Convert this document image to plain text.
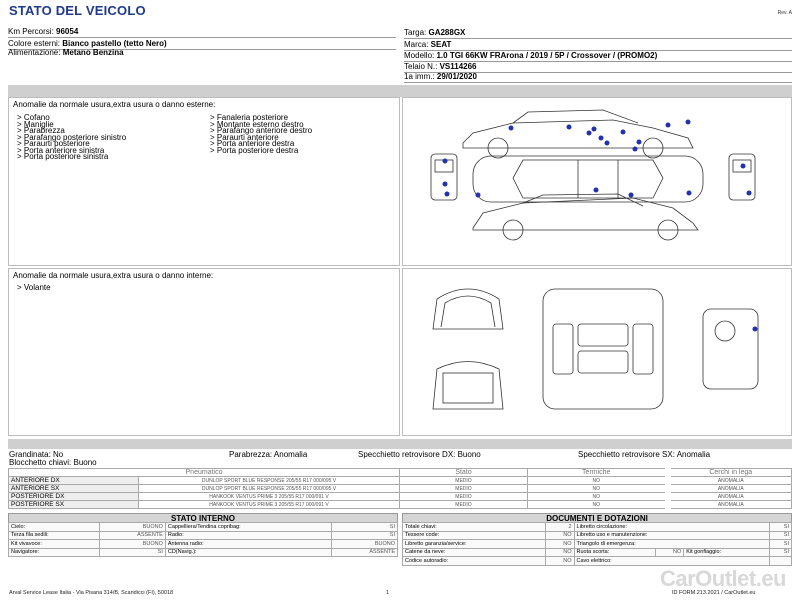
STATO DEL VEICOLO	Rev. A
Km Percorsi: 96054
Colore esterni: Bianco pastello (tetto Nero)
Alimentazione: Metano Benzina
Targa: GA288GX
Marca: SEAT
Modello: 1.0 TGI 66KW FRArona / 2019 / 5P / Crossover / (PROMO2)
Telaio N.: VS114266
1a imm.: 29/01/2020
Anomalie da normale usura,extra usura o danno esterne:
> Cofano
> Maniglie
> Parabrezza
> Parafango posteriore sinistro
> Paraurti posteriore
> Porta anteriore sinistra
> Porta posteriore sinistra
> Fanaleria posteriore
> Montante esterno destro
> Parafango anteriore destro
> Paraurti anteriore
> Porta anteriore destra
> Porta posteriore destra
Anomalie da normale usura,extra usura o danno interne:
> Volante
Grandinata: No	Parabrezza: Anomalia	Specchietto retrovisore DX: Buono	Specchietto retrovisore SX: Anomalia
Blocchetto chiavi: Buono
Pneumatico		Stato	Termiche	Cerchi in lega
ANTERIORE DX	DUNLOP SPORT BLUE RESPONSE 205/55 R17 000/095 V	MEDIO	NO	ANOMALIA
ANTERIORE SX	DUNLOP SPORT BLUE RESPONSE 205/55 R17 000/095 V	MEDIO	NO	ANOMALIA
POSTERIORE DX	HANKOOK VENTUS PRIME 3 205/55 R17 000/091 V	MEDIO	NO	ANOMALIA
POSTERIORE SX	HANKOOK VENTUS PRIME 3 205/55 R17 000/091 V	MEDIO	NO	ANOMALIA
STATO INTERNO
Cielo:	BUONO	Cappelliera/Tendina copribag:	SI
Terza fila sedili:	ASSENTE	Radio:	SI
Kit vivavoce:	BUONO	Antenna radio:	BUONO
Navigatore:	SI	CD(Navig.):	ASSENTE
DOCUMENTI E DOTAZIONI
Totale chiavi:	2	Libretto circolazione:			SI
Tessere code:	NO	Libretto uso e manutenzione:			SI
Libretto garanzia/service:	NO	Triangolo di emergenza:			SI
Catene da neve:	NO	Ruota scorta:	NO	Kit gonfiaggio:	SI
Codice autoradio:	NO	Cavo elettrico:			
Arval Service Lease Italia - Via Pisana 314/B, Scandicci (FI), 50018	1	ID FORM.213.2021 / CarOutlet.eu
CarOutlet.eu
